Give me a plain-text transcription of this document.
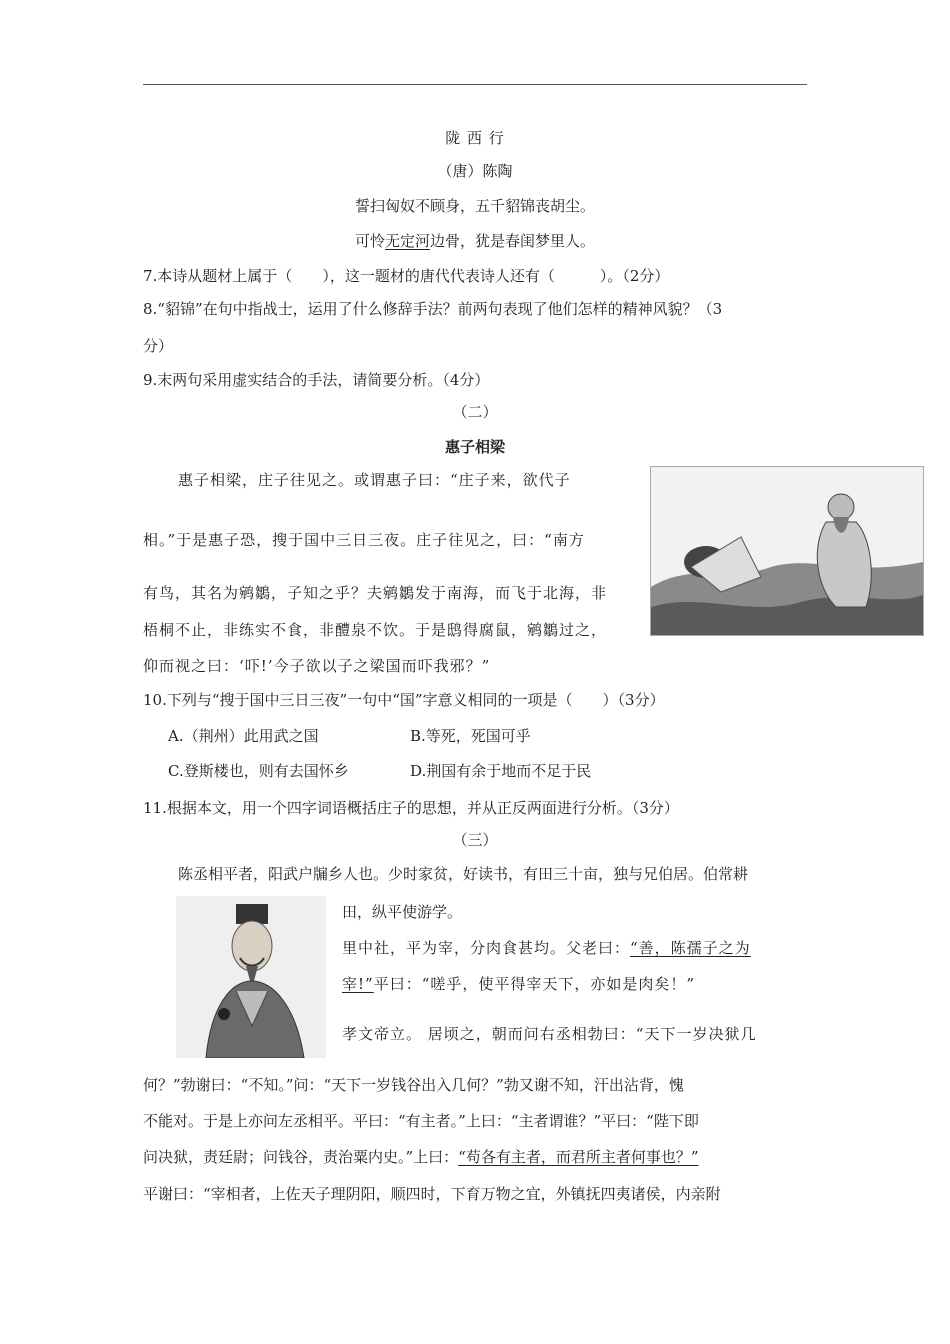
陇 西 行
（唐）陈陶
誓扫匈奴不顾身，五千貂锦丧胡尘。
可怜无定河边骨，犹是春闺梦里人。
7.本诗从题材上属于（　　），这一题材的唐代代表诗人还有（　　　）。（2分）
8.“貂锦”在句中指战士，运用了什么修辞手法？前两句表现了他们怎样的精神风貌？（3
分）
9.末两句采用虚实结合的手法，请简要分析。（4分）
（二）
惠子相梁
惠子相梁，庄子往见之。或谓惠子曰：“庄子来，欲代子
相。”于是惠子恐，搜于国中三日三夜。庄子往见之，曰：“南方
有鸟，其名为鹓鶵，子知之乎？夫鹓鶵发于南海，而飞于北海，非
梧桐不止，非练实不食，非醴泉不饮。于是鸱得腐鼠，鹓鶵过之，
仰而视之曰：‘吓!’今子欲以子之梁国而吓我邪？”
10.下列与“搜于国中三日三夜”一句中“国”字意义相同的一项是（　　）（3分）
A.（荆州）此用武之国	B.等死，死国可乎
C.登斯楼也，则有去国怀乡	D.荆国有余于地而不足于民
11.根据本文，用一个四字词语概括庄子的思想，并从正反两面进行分析。（3分）
（三）
陈丞相平者，阳武户牖乡人也。少时家贫，好读书，有田三十亩，独与兄伯居。伯常耕
田，纵平使游学。
里中社，平为宰，分肉食甚均。父老曰：“善，陈孺子之为
宰!”平曰：“嗟乎，使平得宰天下，亦如是肉矣！”
孝文帝立。 居顷之，朝而问右丞相勃曰：“天下一岁决狱几
何？”勃谢曰：“不知。”问：“天下一岁钱谷出入几何？”勃又谢不知，汗出沾背，愧
不能对。于是上亦问左丞相平。平曰：“有主者。”上曰：“主者谓谁？”平曰：“陛下即
问决狱，责廷尉；问钱谷，责治粟内史。”上曰：“苟各有主者，而君所主者何事也？”
平谢曰：“宰相者，上佐天子理阴阳，顺四时，下育万物之宜，外镇抚四夷诸侯，内亲附
